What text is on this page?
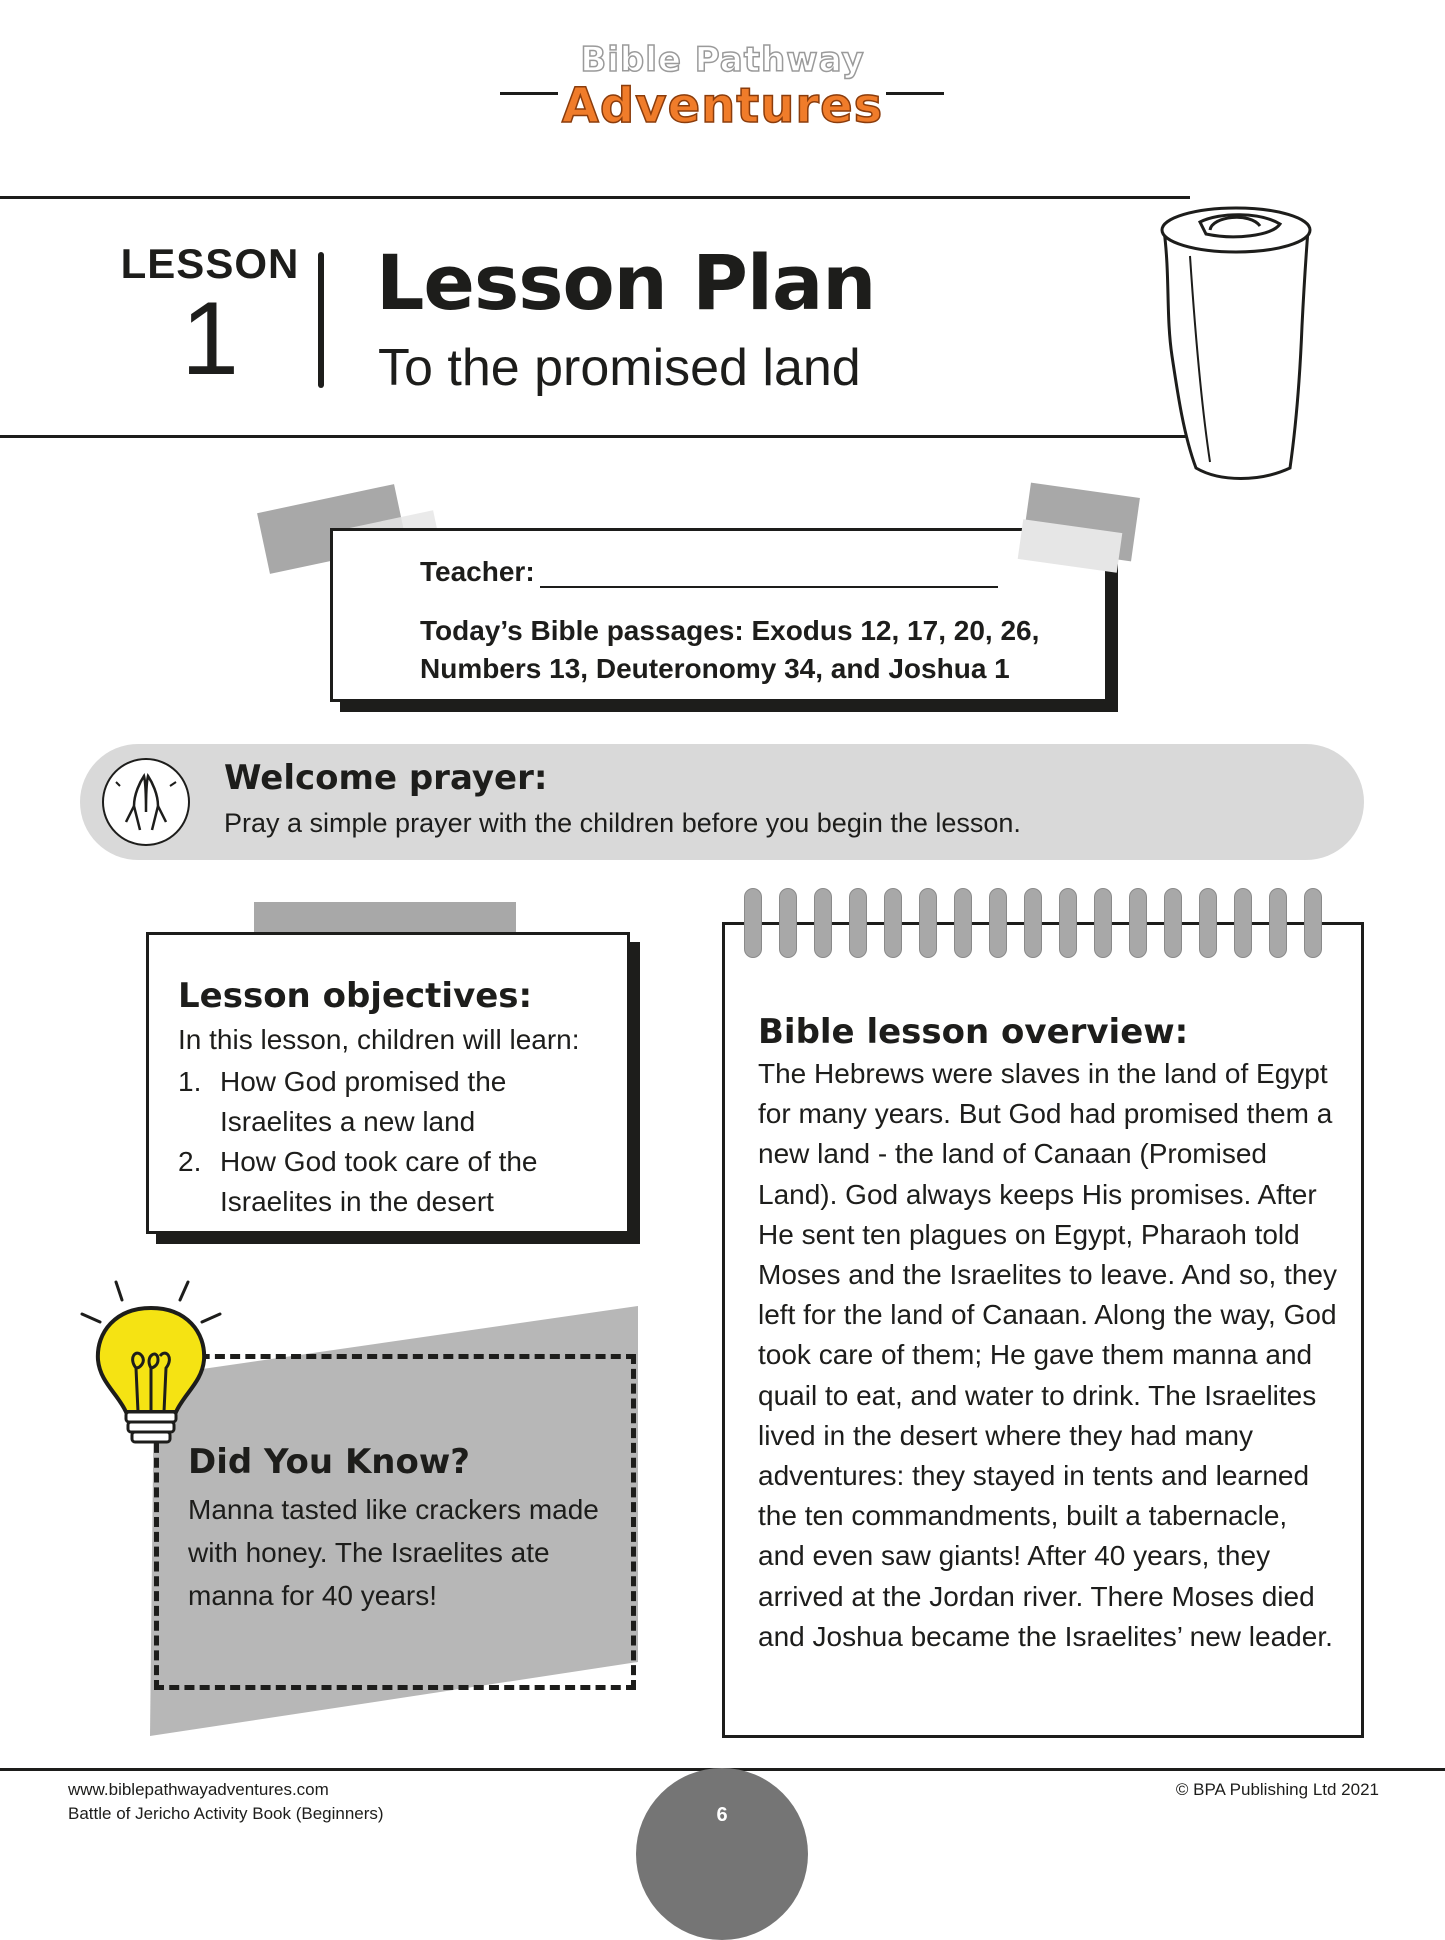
Bible Pathway
Adventures
LESSON
1	Lesson Plan
To the promised land
Teacher:
Today’s Bible passages: Exodus 12, 17, 20, 26, Numbers 13, Deuteronomy 34, and Joshua 1
Welcome prayer:
Pray a simple prayer with the children before you begin the lesson.
Lesson objectives:
In this lesson, children will learn:
1. How God promised the Israelites a new land
2. How God took care of the Israelites in the desert
Did You Know?
Manna tasted like crackers made with honey. The Israelites ate manna for 40 years!
Bible lesson overview:
The Hebrews were slaves in the land of Egypt for many years. But God had promised them a new land - the land of Canaan (Promised Land). God always keeps His promises. After He sent ten plagues on Egypt, Pharaoh told Moses and the Israelites to leave. And so, they left for the land of Canaan. Along the way, God took care of them; He gave them manna and quail to eat, and water to drink. The Israelites lived in the desert where they had many adventures: they stayed in tents and learned the ten commandments, built a tabernacle, and even saw giants! After 40 years, they arrived at the Jordan river. There Moses died and Joshua became the Israelites’ new leader.
www.biblepathwayadventures.com
Battle of Jericho Activity Book (Beginners)
© BPA Publishing Ltd 2021
6
